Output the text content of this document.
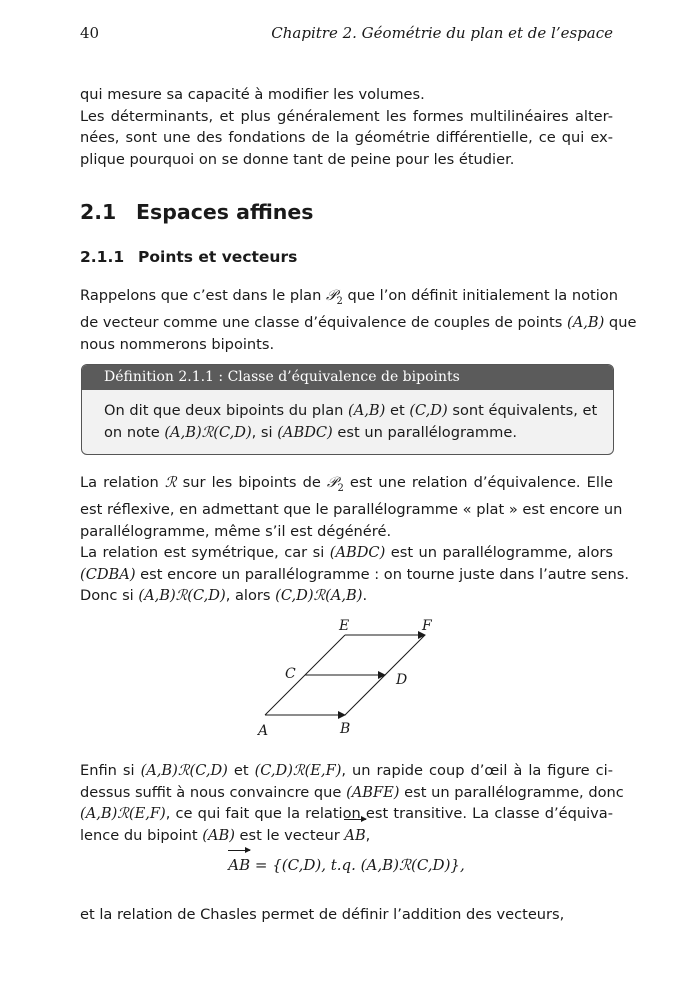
40	Chapitre 2. Géométrie du plan et de l’espace
qui mesure sa capacité à modifier les volumes.
Les déterminants, et plus généralement les formes multilinéaires alter-
nées, sont une des fondations de la géométrie différentielle, ce qui ex-
plique pourquoi on se donne tant de peine pour les étudier.
2.1 Espaces affines
2.1.1 Points et vecteurs
Rappelons que c’est dans le plan 𝒫$_2$ que l’on définit initialement la notion
de vecteur comme une classe d’équivalence de couples de points (A,B) que
nous nommerons bipoints.
Définition 2.1.1 : Classe d’équivalence de bipoints
On dit que deux bipoints du plan (A,B) et (C,D) sont équivalents, et
on note (A,B)ℛ(C,D), si (ABDC) est un parallélogramme.
La relation ℛ sur les bipoints de 𝒫$_2$ est une relation d’équivalence. Elle
est réflexive, en admettant que le parallélogramme « plat » est encore un
parallélogramme, même s’il est dégénéré.
La relation est symétrique, car si (ABDC) est un parallélogramme, alors
(CDBA) est encore un parallélogramme : on tourne juste dans l’autre sens.
Donc si (A,B)ℛ(C,D), alors (C,D)ℛ(A,B).
A	B
C	D
E	F
Enfin si (A,B)ℛ(C,D) et (C,D)ℛ(E,F), un rapide coup d’œil à la figure ci-
dessus suffit à nous convaincre que (ABFE) est un parallélogramme, donc
(A,B)ℛ(E,F), ce qui fait que la relation est transitive. La classe d’équiva-
lence du bipoint (AB) est le vecteur
AB,
AB = {(C,D), t.q. (A,B)ℛ(C,D)},
et la relation de Chasles permet de définir l’addition des vecteurs,
